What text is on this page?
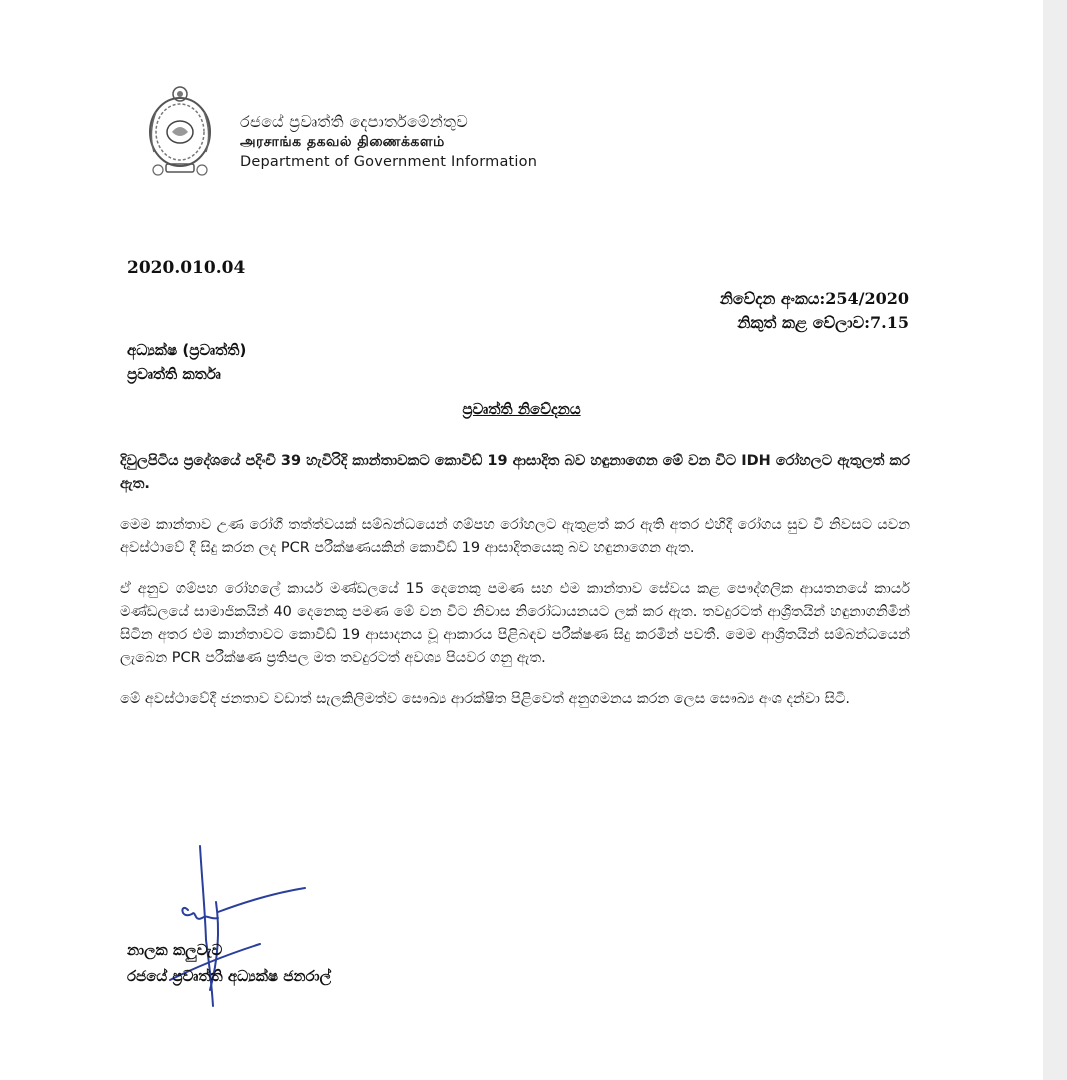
රජයේ ප්‍රවෘත්ති දෙපාර්තමේන්තුව
அரசாங்க தகவல் திணைக்களம்
Department of Government Information
2020.010.04
නිවේදන අංකය:254/2020
නිකුත් කළ වේලාව:7.15
අධ්‍යක්ෂ (ප්‍රවෘත්ති)
ප්‍රවෘත්ති කර්තෘ
ප්‍රවෘත්ති නිවේදනය

දිවුලපිටිය ප්‍රදේශයේ පදිංචි 39 හැවිරිදි කාන්තාවකට කොවිඩ් 19 ආසාදිත බව හඳුනාගෙන මේ වන විට IDH රෝහලට ඇතුලත් කර ඇත.

මෙම කාන්තාව උණ රෝගී තත්ත්වයක් සම්බන්ධයෙන් ගම්පහ රෝහලට ඇතුළත් කර ඇති අතර එහිදී රෝගය සුව වී නිවසට යවන අවස්ථාවේ දී සිදු කරන ලද PCR පරීක්ෂණයකින් කොවිඩ් 19 ආසාදිතයෙකු බව හඳුනාගෙන ඇත.

ඒ අනුව ගම්පහ රෝහලේ කාර්ය මණ්ඩලයේ 15 දෙනෙකු පමණ සහ එම කාන්තාව සේවය කළ පෞද්ගලික ආයතනයේ කාර්ය මණ්ඩලයේ සාමාජිකයින් 40 දෙනෙකු පමණ මේ වන විට නිවාස නිරෝධායනයට ලක් කර ඇත. තවදුරටත් ආශ්‍රිතයින් හඳුනාගනිමින් සිටින අතර එම කාන්තාවට කොවිඩ් 19 ආසාදනය වූ ආකාරය පිළිබඳව පරීක්ෂණ සිදු කරමින් පවතී. මෙම ආශ්‍රිතයින් සම්බන්ධයෙන් ලැබෙන PCR පරීක්ෂණ ප්‍රතිපල මත තවදුරටත් අවශ්‍ය පියවර ගනු ඇත.

මේ අවස්ථාවේදී ජනතාව වඩාත් සැලකිලිමත්ව සෞඛ්‍ය ආරක්ෂිත පිළිවෙත් අනුගමනය කරන ලෙස සෞඛ්‍ය අංශ දන්වා සිටී.

නාලක කලුවැව
රජයේ ප්‍රවෘත්ති අධ්‍යක්ෂ ජනරාල්
